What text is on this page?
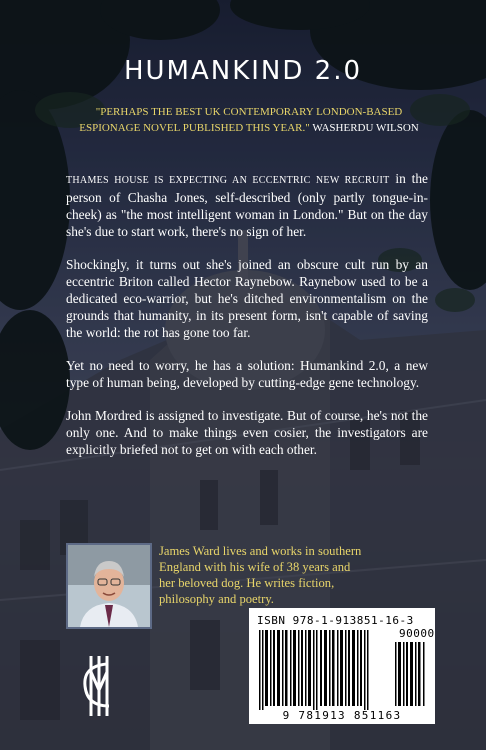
HUMANKIND 2.0
"PERHAPS THE BEST UK CONTEMPORARY LONDON-BASED ESPIONAGE NOVEL PUBLISHED THIS YEAR." WASHERDU WILSON

THAMES HOUSE IS EXPECTING AN ECCENTRIC NEW RECRUIT in the person of Chasha Jones, self-described (only partly tongue-in-cheek) as "the most intelligent woman in London." But on the day she's due to start work, there's no sign of her.

Shockingly, it turns out she's joined an obscure cult run by an eccentric Briton called Hector Raynebow. Raynebow used to be a dedicated eco-warrior, but he's ditched environmentalism on the grounds that humanity, in its present form, isn't capable of saving the world: the rot has gone too far.

Yet no need to worry, he has a solution: Humankind 2.0, a new type of human being, developed by cutting-edge gene technology.

John Mordred is assigned to investigate. But of course, he's not the only one. And to make things even cosier, the investigators are explicitly briefed not to get on with each other.

James Ward lives and works in southern England with his wife of 38 years and her beloved dog. He writes fiction, philosophy and poetry.
ISBN 978-1-913851-16-3
90000
9 781913 851163
